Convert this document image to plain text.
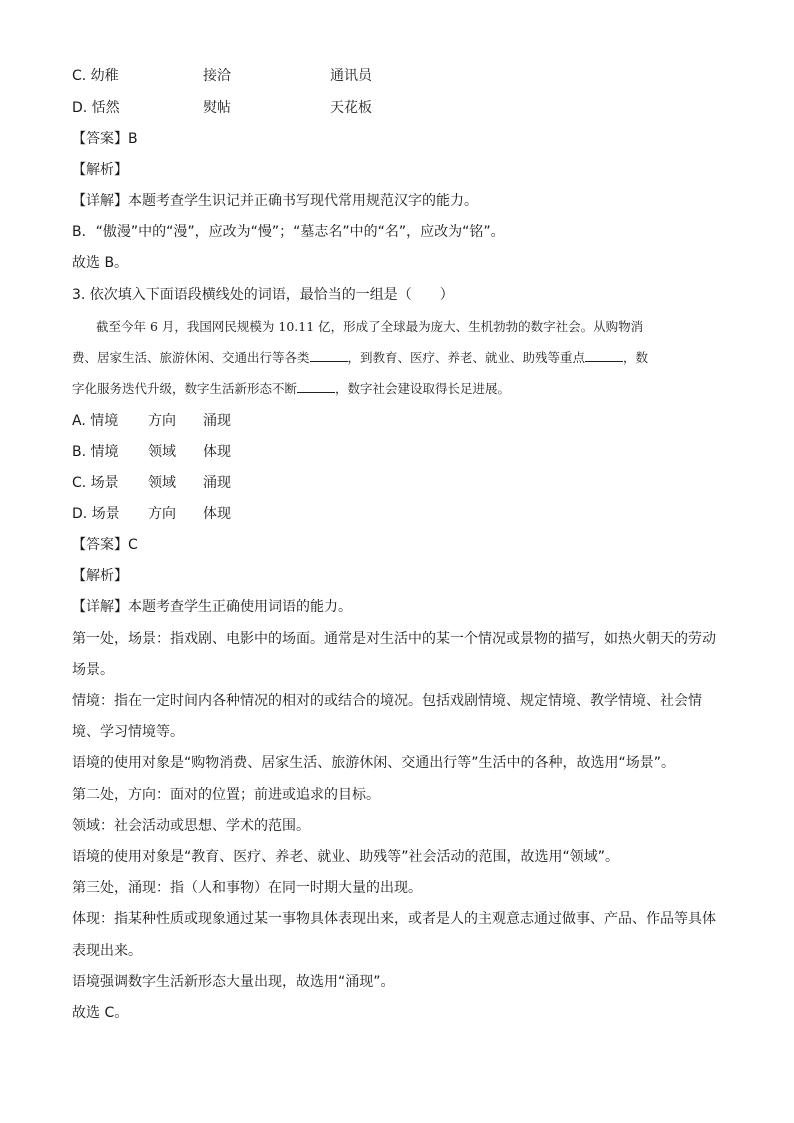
C. 幼稚	接洽	通讯员
D. 恬然	熨帖	天花板
【答案】B
【解析】
【详解】本题考查学生识记并正确书写现代常用规范汉字的能力。
B．“傲漫”中的“漫”，应改为“慢”；“墓志名”中的“名”，应改为“铭”。
故选 B。
3. 依次填入下面语段横线处的词语，最恰当的一组是（　　）
截至今年 6 月，我国网民规模为 10.11 亿，形成了全球最为庞大、生机勃勃的数字社会。从购物消
费、居家生活、旅游休闲、交通出行等各类	，到教育、医疗、养老、就业、助残等重点	，数
字化服务迭代升级，数字生活新形态不断	，数字社会建设取得长足进展。
A. 情境 方向 涌现
B. 情境 领域 体现
C. 场景 领域 涌现
D. 场景 方向 体现
【答案】C
【解析】
【详解】本题考查学生正确使用词语的能力。
第一处，场景：指戏剧、电影中的场面。通常是对生活中的某一个情况或景物的描写，如热火朝天的劳动
场景。
情境：指在一定时间内各种情况的相对的或结合的境况。包括戏剧情境、规定情境、教学情境、社会情
境、学习情境等。
语境的使用对象是“购物消费、居家生活、旅游休闲、交通出行等”生活中的各种，故选用“场景”。
第二处，方向：面对的位置；前进或追求的目标。
领域：社会活动或思想、学术的范围。
语境的使用对象是“教育、医疗、养老、就业、助残等”社会活动的范围，故选用“领域”。
第三处，涌现：指（人和事物）在同一时期大量的出现。
体现：指某种性质或现象通过某一事物具体表现出来，或者是人的主观意志通过做事、产品、作品等具体
表现出来。
语境强调数字生活新形态大量出现，故选用“涌现”。
故选 C。
